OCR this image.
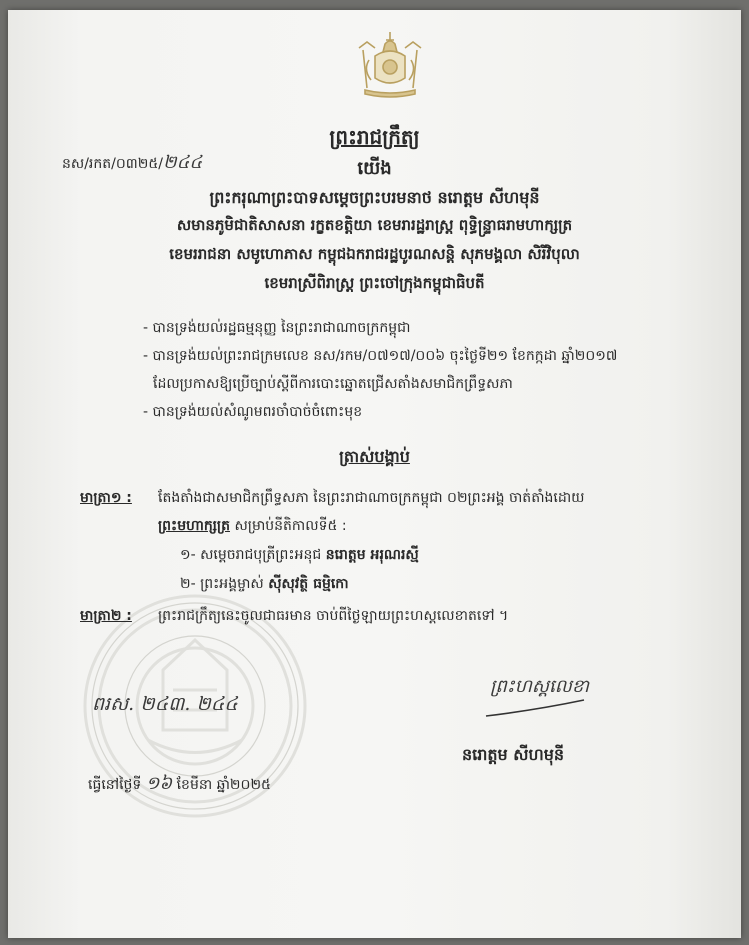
នស/រកត/០៣២៥/២៤៤
ព្រះរាជក្រឹត្យ
យើង
ព្រះករុណាព្រះបាទសម្តេចព្រះបរមនាថ នរោត្តម សីហមុនី
សមានភូមិជាតិសាសនា រក្ខតខត្តិយា ខេមរារដ្ឋរាស្ត្រ ពុទ្ធិន្ទ្រាធរាមហាក្សត្រ
ខេមររាជនា សមូហោភាស កម្ពុជឯករាជរដ្ឋបូរណសន្តិ សុភមង្គលា សិរីវិបុលា
ខេមរាស្រីពិរាស្ត្រ ព្រះចៅក្រុងកម្ពុជាធិបតី
- បានទ្រង់យល់រដ្ឋធម្មនុញ្ញ នៃព្រះរាជាណាចក្រកម្ពុជា
- បានទ្រង់យល់ព្រះរាជក្រមលេខ នស/រកម/០៧១៧/០០៦ ចុះថ្ងៃទី២១ ខែកក្កដា ឆ្នាំ២០១៧
ដែលប្រកាសឱ្យប្រើច្បាប់ស្តីពីការបោះឆ្នោតជ្រើសតាំងសមាជិកព្រឹទ្ធសភា
- បានទ្រង់យល់សំណូមពរចាំបាច់ចំពោះមុខ
ត្រាស់បង្គាប់
មាត្រា១ : តែងតាំងជាសមាជិកព្រឹទ្ធសភា នៃព្រះរាជាណាចក្រកម្ពុជា ០២ព្រះអង្គ ចាត់តាំងដោយ
ព្រះមហាក្សត្រ សម្រាប់នីតិកាលទី៥ :
១- សម្តេចរាជបុត្រីព្រះអនុជ នរោត្តម អរុណរស្មី
២- ព្រះអង្គម្ចាស់ ស៊ីសុវត្ថិ ធម្មិកោ
មាត្រា២ : ព្រះរាជក្រឹត្យនេះចូលជាធរមាន ចាប់ពីថ្ងៃឡាយព្រះហស្តលេខាតទៅ ។
ពរស. ២៤៣. ២៤៤
ព្រះហស្តលេខា
នរោត្តម សីហមុនី
ធ្វើនៅថ្ងៃទី ១៦ ខែមីនា ឆ្នាំ២០២៥
